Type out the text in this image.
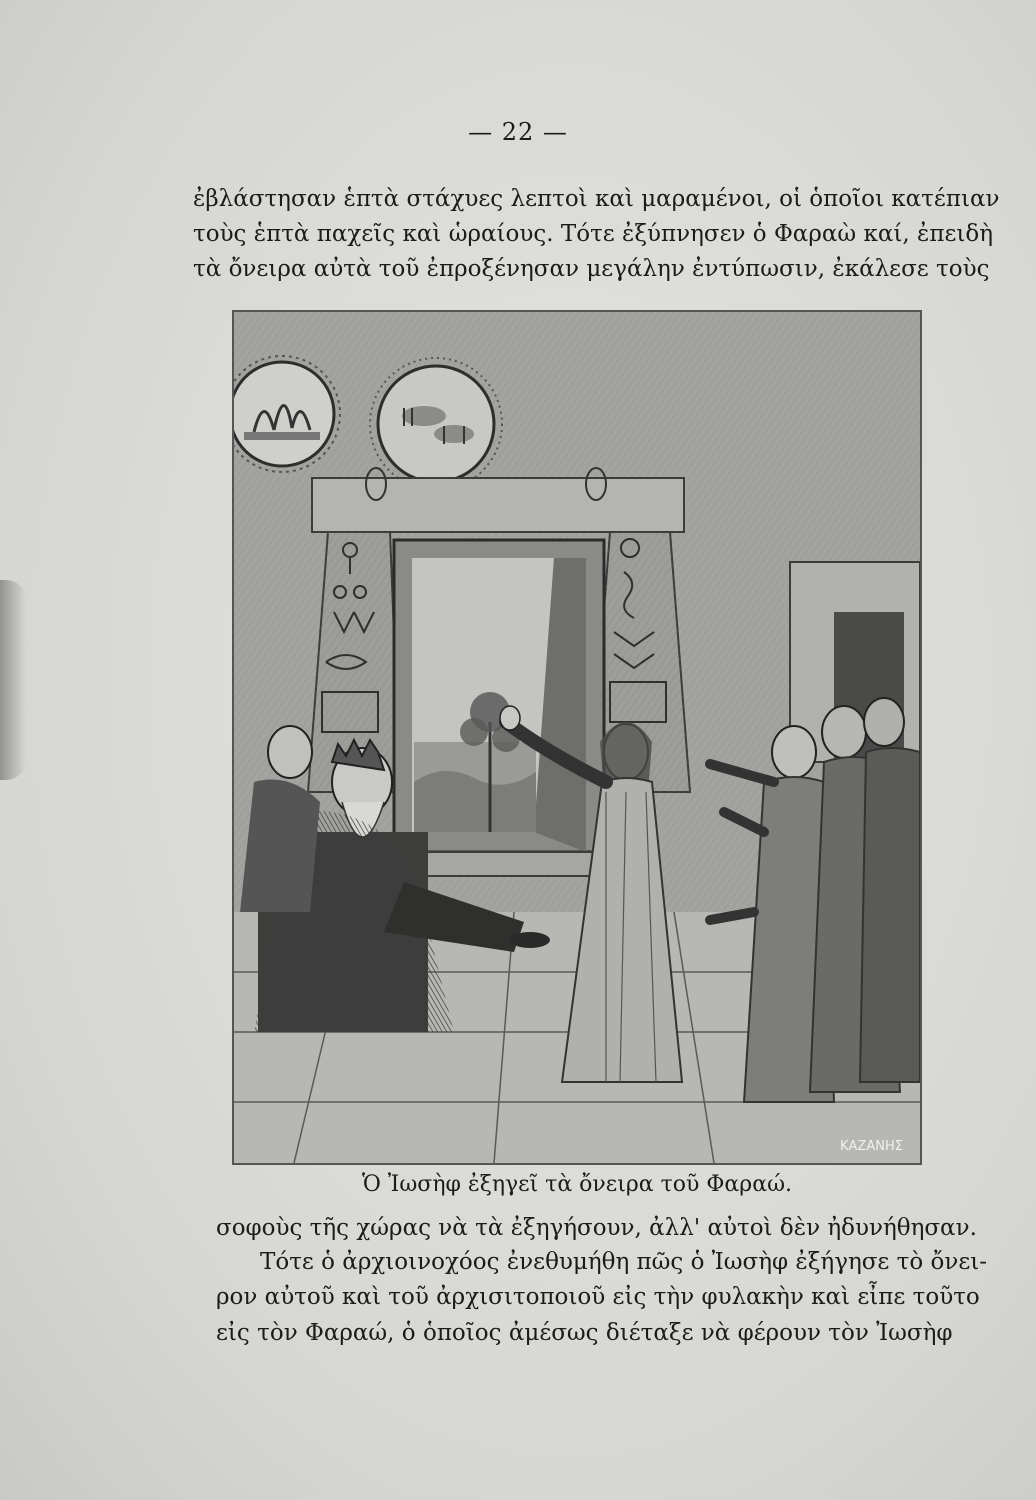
— 22 —
ἐβλάστησαν ἑπτὰ στάχυες λεπτοὶ καὶ μαραμένοι, οἱ ὁποῖοι κατέπιαν
τοὺς ἑπτὰ παχεῖς καὶ ὡραίους. Τότε ἐξύπνησεν ὁ Φαραὼ καί, ἐπειδὴ
τὰ ὄνειρα αὐτὰ τοῦ ἐπροξένησαν μεγάλην ἐντύπωσιν, ἐκάλεσε τοὺς
ΚΑΖΑΝΗΣ
Ὁ Ἰωσὴφ ἐξηγεῖ τὰ ὄνειρα τοῦ Φαραώ.
σοφοὺς τῆς χώρας νὰ τὰ ἐξηγήσουν, ἀλλ' αὐτοὶ δὲν ἠδυνήθησαν.
Τότε ὁ ἀρχιοινοχόος ἐνεθυμήθη πῶς ὁ Ἰωσὴφ ἐξήγησε τὸ ὄνει-
ρον αὐτοῦ καὶ τοῦ ἀρχισιτοποιοῦ εἰς τὴν φυλακὴν καὶ εἶπε τοῦτο
εἰς τὸν Φαραώ, ὁ ὁποῖος ἀμέσως διέταξε νὰ φέρουν τὸν Ἰωσὴφ
